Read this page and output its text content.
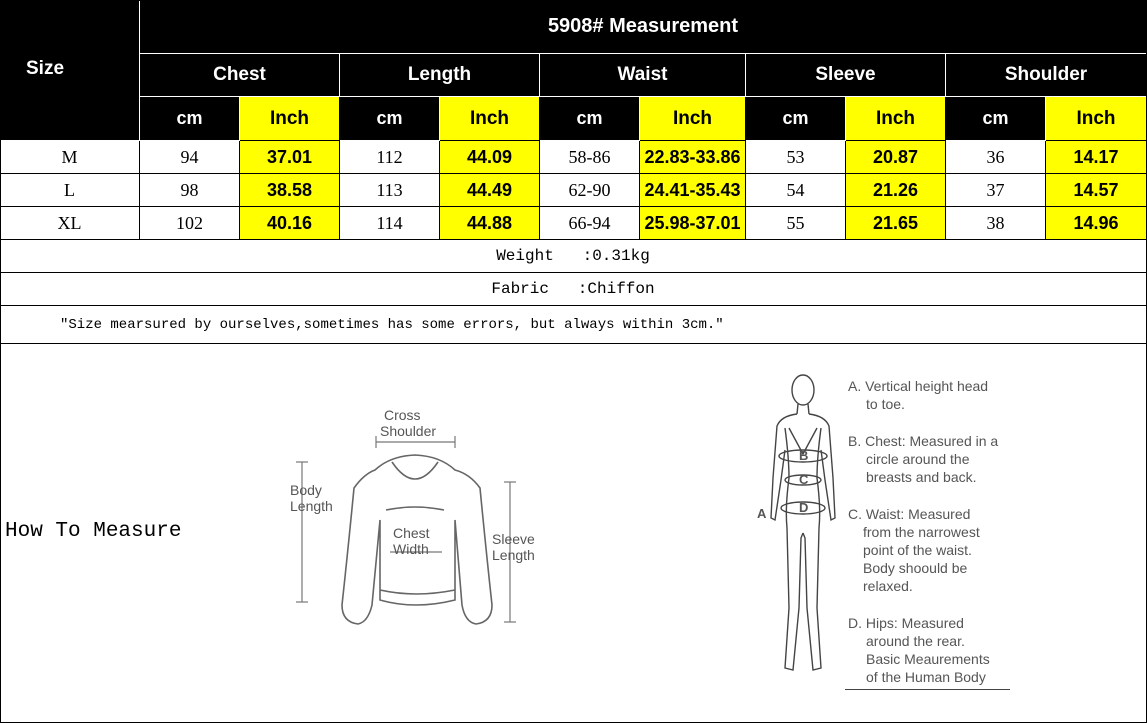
Size
5908# Measurement
Chest	Length	Waist	Sleeve	Shoulder
cm	Inch	cm	Inch	cm	Inch	cm	Inch	cm	Inch
M	94	37.01	112	44.09	58-86 22.83-33.86	53	20.87	36	14.17
L	98	38.58	113	44.49	62-90 24.41-35.43	54	21.26	37	14.57
XL	102	40.16	114	44.88	66-94 25.98-37.01	55	21.65	38	14.96
Weight   :0.31kg
Fabric   :Chiffon
"Size mearsured by ourselves,sometimes has some errors, but always within 3cm."
How To Measure
Cross
Shoulder
Body
Length
Chest
Width
Sleeve
Length
A
B
C
D
A. Vertical height head
to toe.
B. Chest: Measured in a
circle around the
breasts and back.
C. Waist: Measured
from the narrowest
point of the waist.
Body shoould be
relaxed.
D. Hips: Measured
around the rear.
Basic Meaurements
of the Human Body
